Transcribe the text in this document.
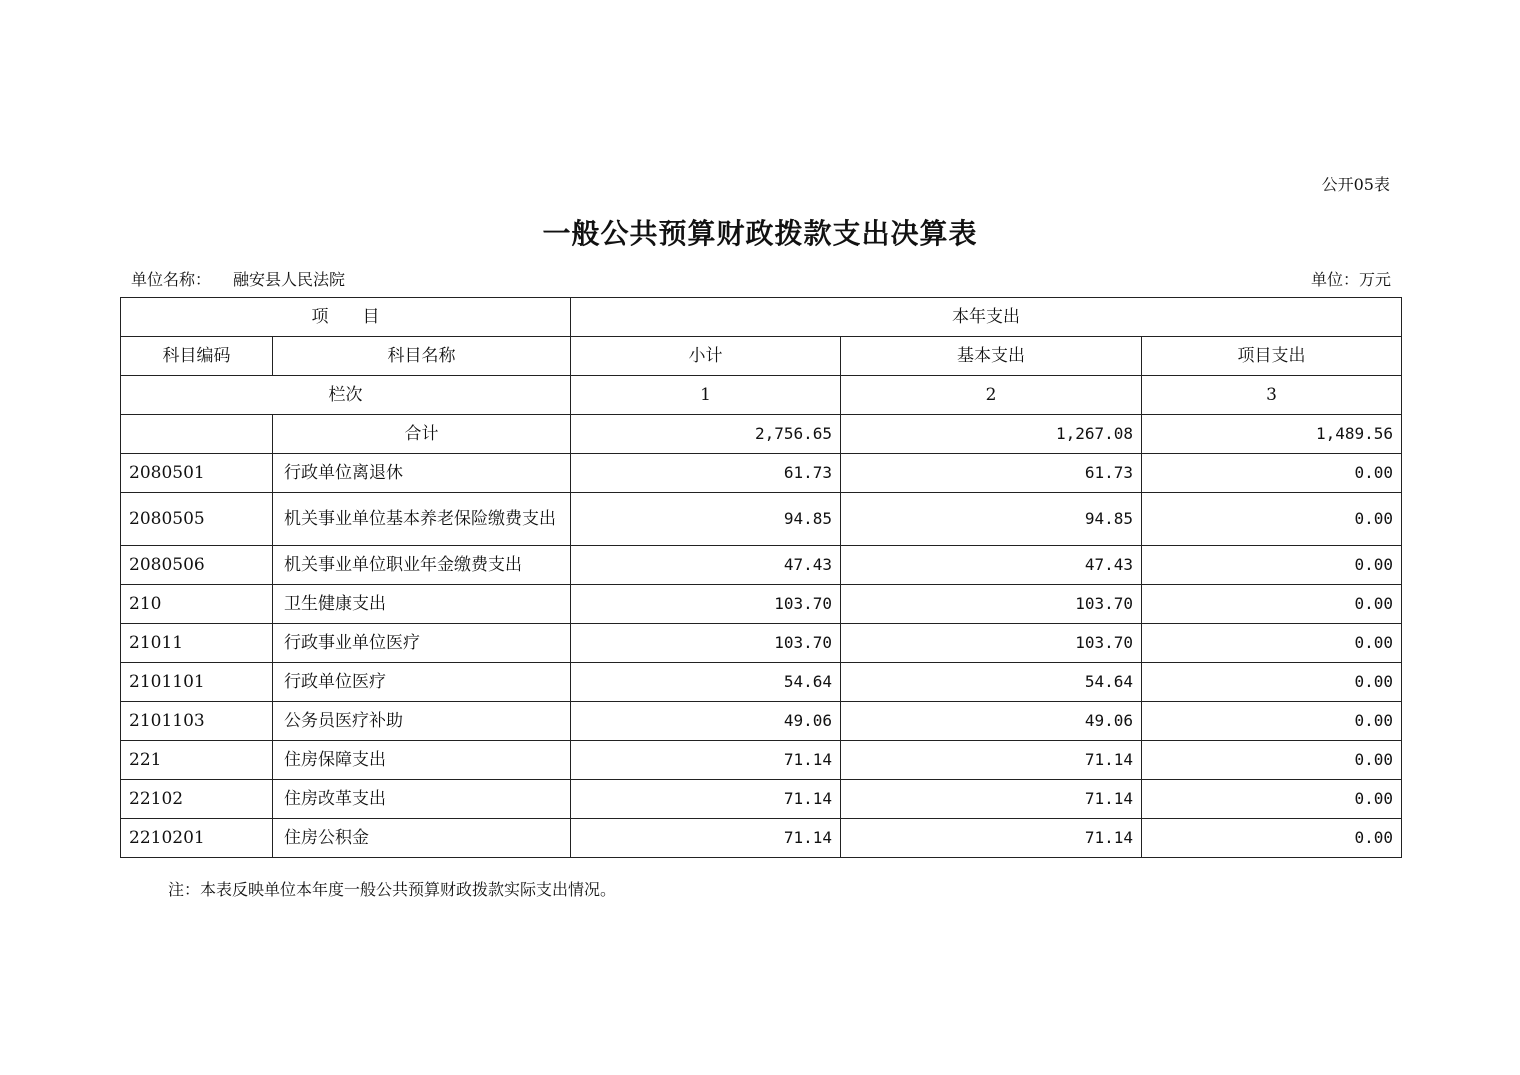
公开05表
一般公共预算财政拨款支出决算表
单位名称： 融安县人民法院	单位：万元
项　　目		本年支出		
科目编码	科目名称	小计	基本支出	项目支出
栏次		1	2	3
	合计	2,756.65	1,267.08	1,489.56
2080501	行政单位离退休	61.73	61.73	0.00
2080505	机关事业单位基本养老保险缴费支出	94.85	94.85	0.00
2080506	机关事业单位职业年金缴费支出	47.43	47.43	0.00
210	卫生健康支出	103.70	103.70	0.00
21011	行政事业单位医疗	103.70	103.70	0.00
2101101	行政单位医疗	54.64	54.64	0.00
2101103	公务员医疗补助	49.06	49.06	0.00
221	住房保障支出	71.14	71.14	0.00
22102	住房改革支出	71.14	71.14	0.00
2210201	住房公积金	71.14	71.14	0.00
注：本表反映单位本年度一般公共预算财政拨款实际支出情况。
